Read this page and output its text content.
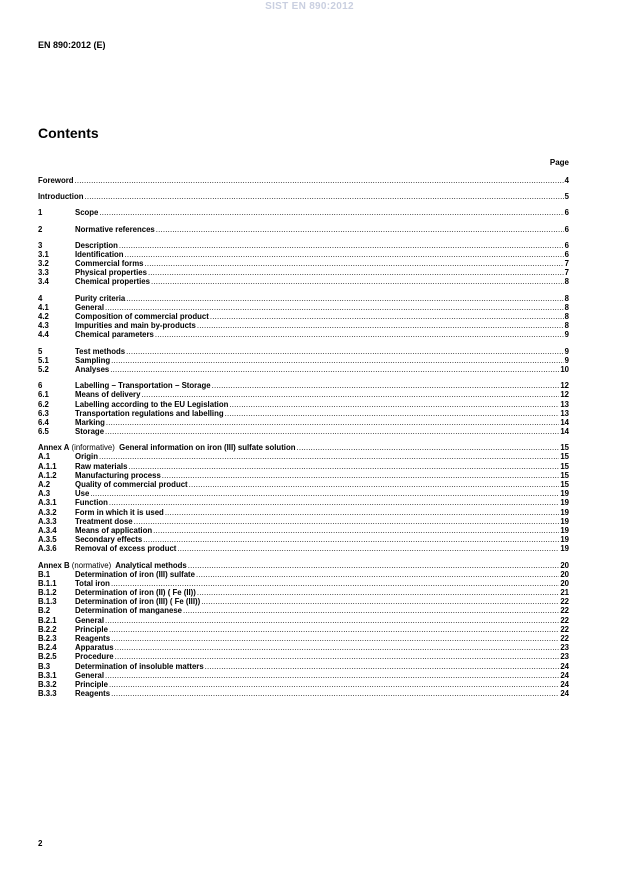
SIST EN 890:2012
EN 890:2012 (E)
Contents
Page
Foreword .....	4
Introduction .....	5
1	Scope .....	6
2	Normative references .....	6
3	Description .....	6
3.1	Identification .....	6
3.2	Commercial forms .....	7
3.3	Physical properties .....	7
3.4	Chemical properties .....	8
4	Purity criteria .....	8
4.1	General .....	8
4.2	Composition of commercial product .....	8
4.3	Impurities and main by-products .....	8
4.4	Chemical parameters .....	9
5	Test methods .....	9
5.1	Sampling .....	9
5.2	Analyses .....	10
6	Labelling − Transportation − Storage .....	12
6.1	Means of delivery .....	12
6.2	Labelling according to the EU Legislation .....	13
6.3	Transportation regulations and labelling .....	13
6.4	Marking .....	14
6.5	Storage .....	14
Annex A (informative) General information on iron (III) sulfate solution .....	15
A.1	Origin .....	15
A.1.1	Raw materials .....	15
A.1.2	Manufacturing process .....	15
A.2	Quality of commercial product .....	15
A.3	Use .....	19
A.3.1	Function .....	19
A.3.2	Form in which it is used .....	19
A.3.3	Treatment dose .....	19
A.3.4	Means of application .....	19
A.3.5	Secondary effects .....	19
A.3.6	Removal of excess product .....	19
Annex B (normative) Analytical methods .....	20
B.1	Determination of iron (III) sulfate .....	20
B.1.1	Total iron .....	20
B.1.2	Determination of iron (II) ( Fe (II)) .....	21
B.1.3	Determination of iron (III) ( Fe (III)) .....	22
B.2	Determination of manganese .....	22
B.2.1	General .....	22
B.2.2	Principle .....	22
B.2.3	Reagents .....	22
B.2.4	Apparatus .....	23
B.2.5	Procedure .....	23
B.3	Determination of insoluble matters .....	24
B.3.1	General .....	24
B.3.2	Principle .....	24
B.3.3	Reagents .....	24
2
